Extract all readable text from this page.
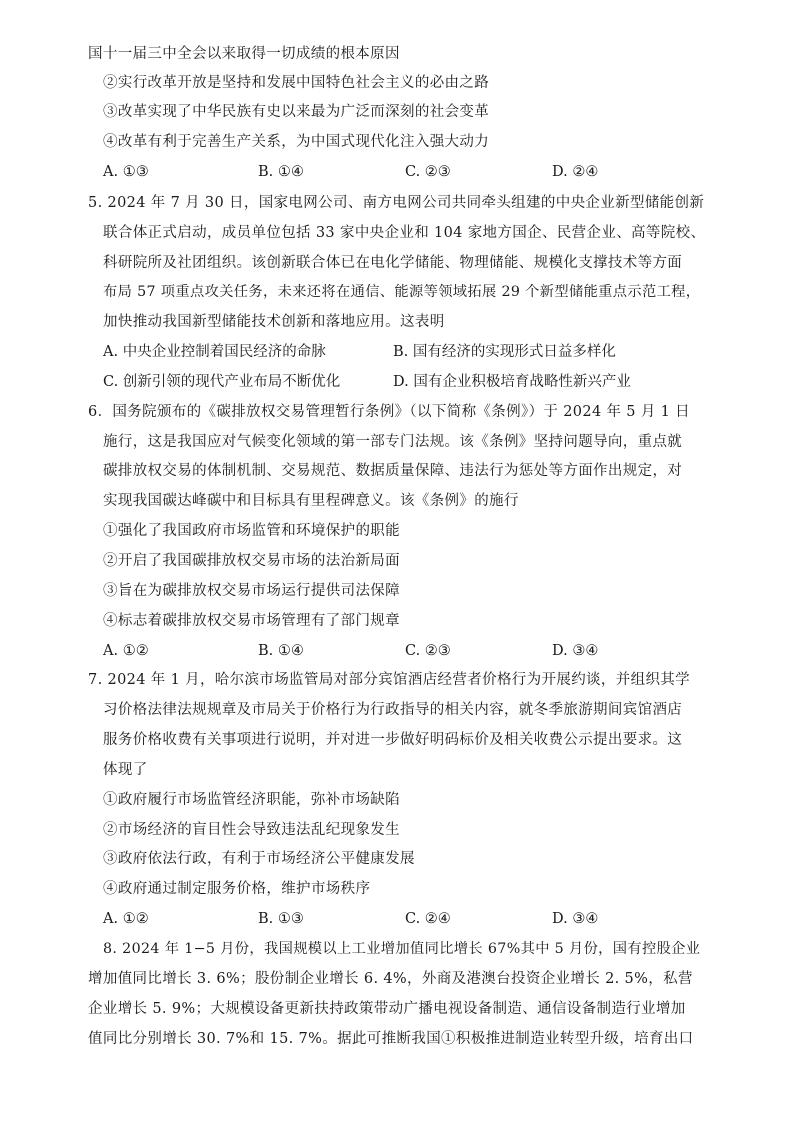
国十一届三中全会以来取得一切成绩的根本原因
②实行改革开放是坚持和发展中国特色社会主义的必由之路
③改革实现了中华民族有史以来最为广泛而深刻的社会变革
④改革有利于完善生产关系，为中国式现代化注入强大动力
A. ①③	B. ①④	C. ②③	D. ②④
5. 2024 年 7 月 30 日，国家电网公司、南方电网公司共同牵头组建的中央企业新型储能创新
联合体正式启动，成员单位包括 33 家中央企业和 104 家地方国企、民营企业、高等院校、
科研院所及社团组织。该创新联合体已在电化学储能、物理储能、规模化支撑技术等方面
布局 57 项重点攻关任务，未来还将在通信、能源等领域拓展 29 个新型储能重点示范工程，
加快推动我国新型储能技术创新和落地应用。这表明
A. 中央企业控制着国民经济的命脉	B. 国有经济的实现形式日益多样化
C. 创新引领的现代产业布局不断优化	D. 国有企业积极培育战略性新兴产业
6．国务院颁布的《碳排放权交易管理暂行条例》（以下简称《条例》）于 2024 年 5 月 1 日
施行，这是我国应对气候变化领域的第一部专门法规。该《条例》坚持问题导向，重点就
碳排放权交易的体制机制、交易规范、数据质量保障、违法行为惩处等方面作出规定，对
实现我国碳达峰碳中和目标具有里程碑意义。该《条例》的施行
①强化了我国政府市场监管和环境保护的职能
②开启了我国碳排放权交易市场的法治新局面
③旨在为碳排放权交易市场运行提供司法保障
④标志着碳排放权交易市场管理有了部门规章
A. ①②	B. ①④	C. ②③	D. ③④
7. 2024 年 1 月，哈尔滨市场监管局对部分宾馆酒店经营者价格行为开展约谈，并组织其学
习价格法律法规规章及市局关于价格行为行政指导的相关内容，就冬季旅游期间宾馆酒店
服务价格收费有关事项进行说明，并对进一步做好明码标价及相关收费公示提出要求。这
体现了
①政府履行市场监管经济职能，弥补市场缺陷
②市场经济的盲目性会导致违法乱纪现象发生
③政府依法行政，有利于市场经济公平健康发展
④政府通过制定服务价格，维护市场秩序
A. ①②	B. ①③	C. ②④	D. ③④
8. 2024 年 1−5 月份，我国规模以上工业增加值同比增长 67%其中 5 月份，国有控股企业
增加值同比增长 3. 6%；股份制企业增长 6. 4%，外商及港澳台投资企业增长 2. 5%，私营
企业增长 5. 9%；大规模设备更新扶持政策带动广播电视设备制造、通信设备制造行业增加
值同比分别增长 30. 7%和 15. 7%。据此可推断我国①积极推进制造业转型升级，培育出口
